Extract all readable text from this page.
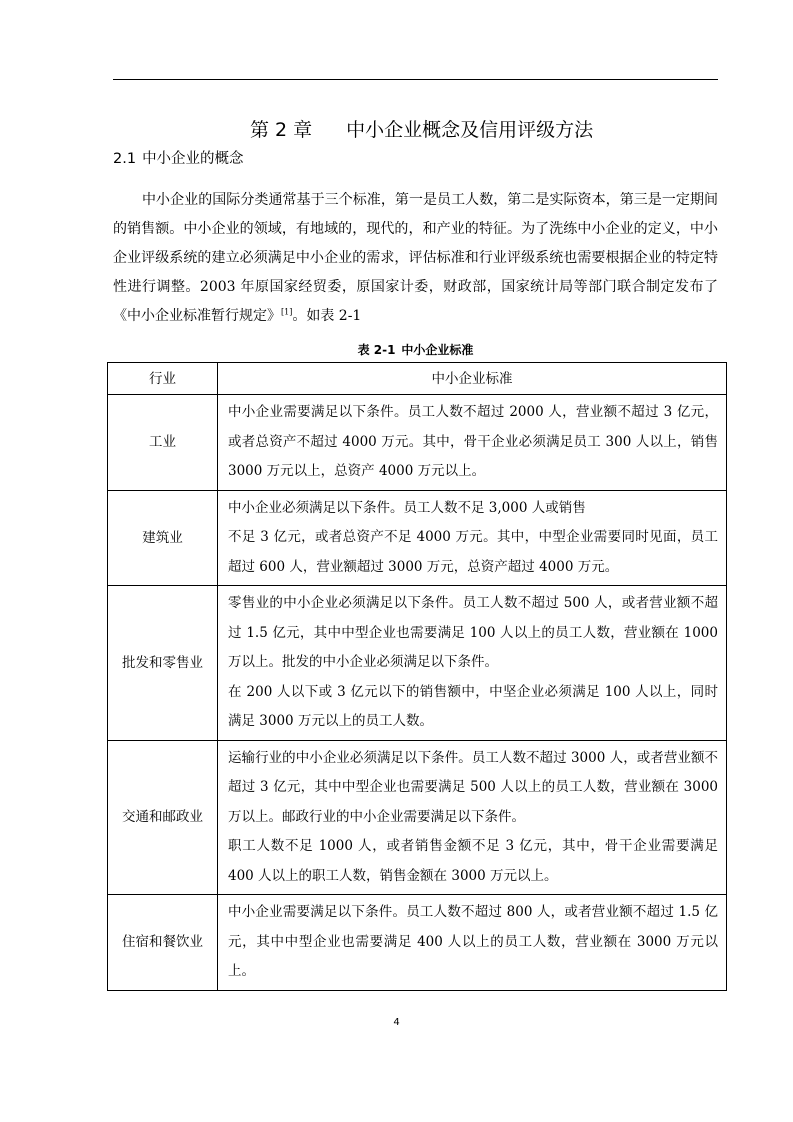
第 2 章 中小企业概念及信用评级方法

2.1 中小企业的概念

中小企业的国际分类通常基于三个标准，第一是员工人数，第二是实际资本，第三是一定期间的销售额。中小企业的领域，有地域的，现代的，和产业的特征。为了洗练中小企业的定义，中小企业评级系统的建立必须满足中小企业的需求，评估标准和行业评级系统也需要根据企业的特定特性进行调整。2003 年原国家经贸委，原国家计委，财政部，国家统计局等部门联合制定发布了《中小企业标准暂行规定》[1]。如表 2-1

表 2-1 中小企业标准
行业	中小企业标准
工业	中小企业需要满足以下条件。员工人数不超过 2000 人，营业额不超过 3 亿元，或者总资产不超过 4000 万元。其中，骨干企业必须满足员工 300 人以上，销售 3000 万元以上，总资产 4000 万元以上。

建筑业	中小企业必须满足以下条件。员工人数不足 3,000 人或销售
不足 3 亿元，或者总资产不足 4000 万元。其中，中型企业需要同时见面，员工超过 600 人，营业额超过 3000 万元，总资产超过 4000 万元。

批发和零售业	零售业的中小企业必须满足以下条件。员工人数不超过 500 人，或者营业额不超过 1.5 亿元，其中中型企业也需要满足 100 人以上的员工人数，营业额在 1000 万以上。批发的中小企业必须满足以下条件。
在 200 人以下或 3 亿元以下的销售额中，中坚企业必须满足 100 人以上，同时满足 3000 万元以上的员工人数。

交通和邮政业	运输行业的中小企业必须满足以下条件。员工人数不超过 3000 人，或者营业额不超过 3 亿元，其中中型企业也需要满足 500 人以上的员工人数，营业额在 3000 万以上。邮政行业的中小企业需要满足以下条件。
职工人数不足 1000 人，或者销售金额不足 3 亿元，其中，骨干企业需要满足 400 人以上的职工人数，销售金额在 3000 万元以上。

住宿和餐饮业	中小企业需要满足以下条件。员工人数不超过 800 人，或者营业额不超过 1.5 亿元，其中中型企业也需要满足 400 人以上的员工人数，营业额在 3000 万元以上。
4
